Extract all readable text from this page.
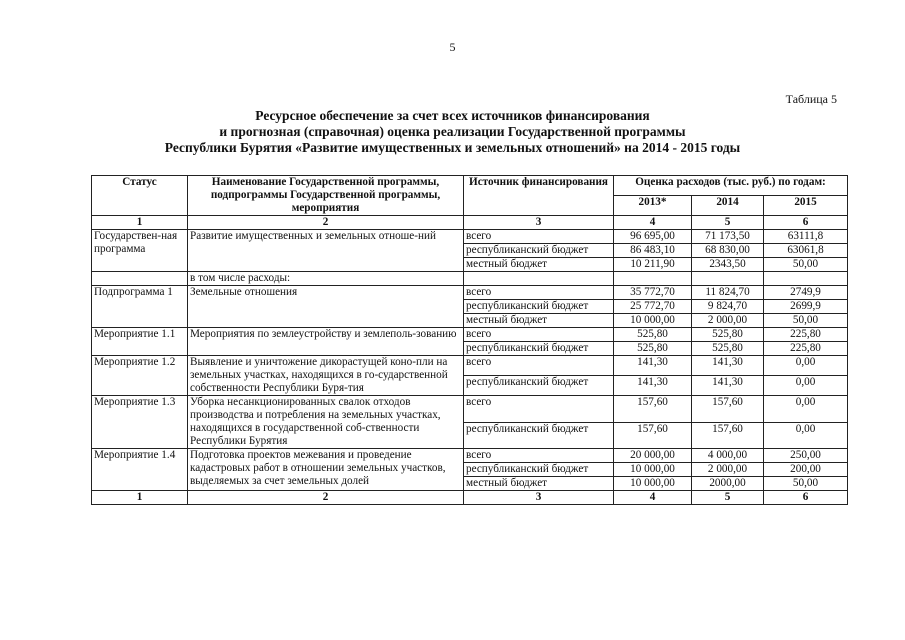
5
Таблица 5
Ресурсное обеспечение за счет всех источников финансирования
и прогнозная (справочная) оценка реализации Государственной программы
Республики Бурятия «Развитие имущественных и земельных отношений» на 2014 - 2015 годы
Статус	Наименование Государственной программы, подпрограммы Государственной программы, мероприятия	Источник финансирования	Оценка расходов (тыс. руб.) по годам:		
			2013*	2014	2015
1	2	3	4	5	6
Государствен-ная программа	Развитие имущественных и земельных отноше-ний	всего	96 695,00	71 173,50	63111,8
		республиканский бюджет	86 483,10	68 830,00	63061,8
		местный бюджет	10 211,90	2343,50	50,00
	в том числе расходы:				
Подпрограмма 1	Земельные отношения	всего	35 772,70	11 824,70	2749,9
		республиканский бюджет	25 772,70	9 824,70	2699,9
		местный бюджет	10 000,00	2 000,00	50,00
Мероприятие 1.1	Мероприятия по землеустройству и землеполь-зованию	всего	525,80	525,80	225,80
		республиканский бюджет	525,80	525,80	225,80
Мероприятие 1.2	Выявление и уничтожение дикорастущей коно-пли на земельных участках, находящихся в го-сударственной собственности Республики Буря-тия	всего	141,30	141,30	0,00
		республиканский бюджет	141,30	141,30	0,00
Мероприятие 1.3	Уборка несанкционированных свалок отходов производства и потребления на земельных участках, находящихся в государственной соб-ственности Республики Бурятия	всего	157,60	157,60	0,00
		республиканский бюджет	157,60	157,60	0,00
Мероприятие 1.4	Подготовка проектов межевания и проведение кадастровых работ в отношении земельных участков, выделяемых за счет земельных долей	всего	20 000,00	4 000,00	250,00
		республиканский бюджет	10 000,00	2 000,00	200,00
		местный бюджет	10 000,00	2000,00	50,00
1	2	3	4	5	6
